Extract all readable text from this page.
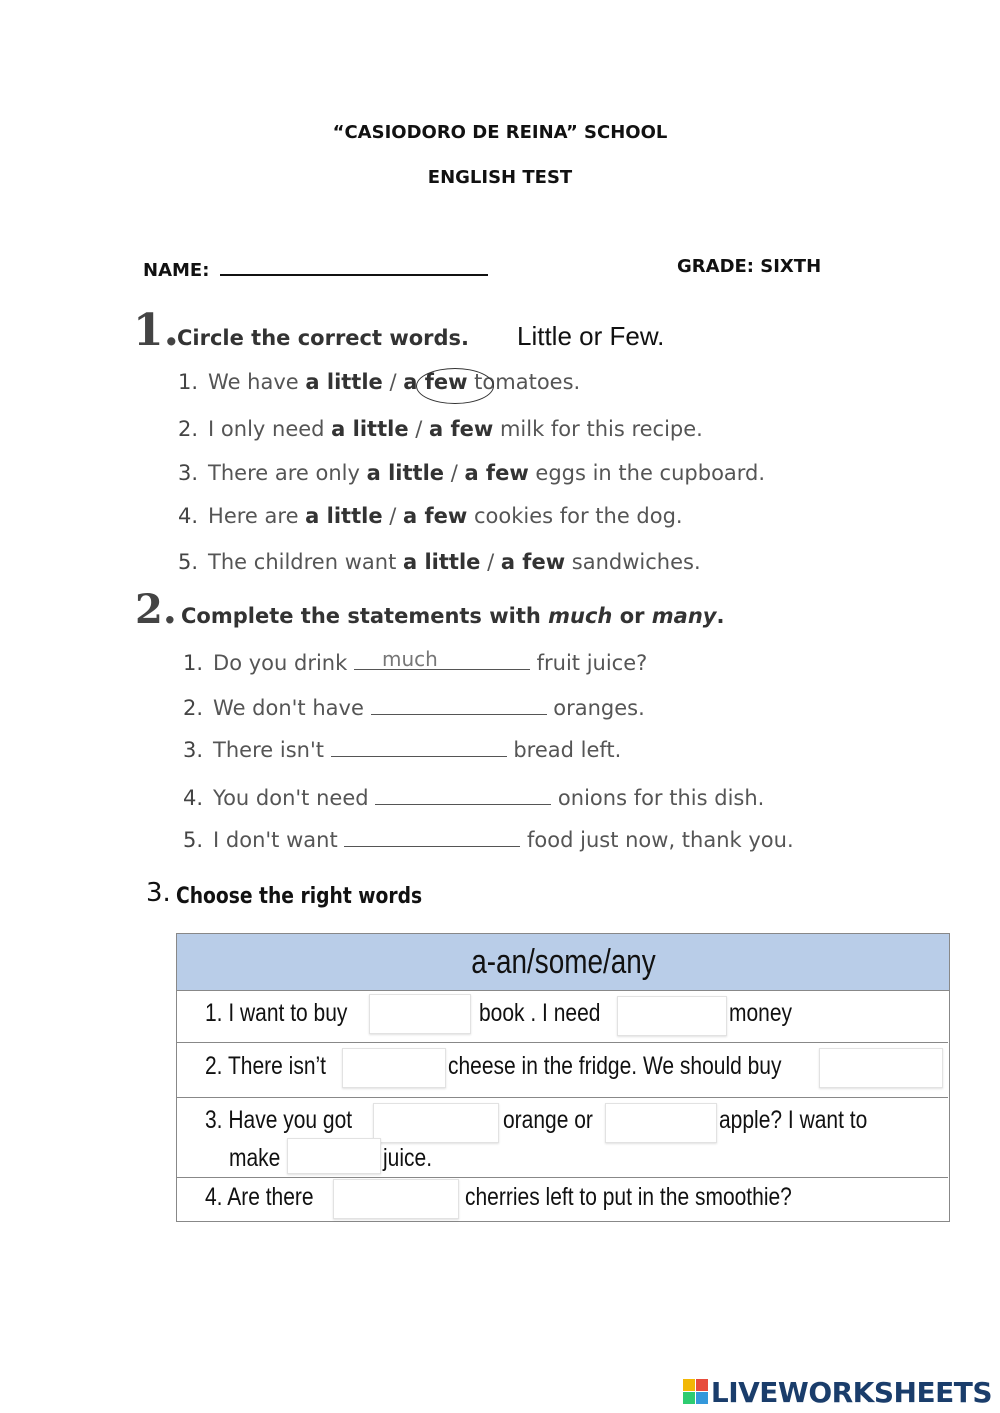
“CASIODORO DE REINA” SCHOOL
ENGLISH TEST
NAME:	GRADE: SIXTH
1.
Circle the correct words. Little or Few.
1. We have a little / a few tomatoes.
2. I only need a little / a few milk for this recipe.
3. There are only a little / a few eggs in the cupboard.
4. Here are a little / a few cookies for the dog.
5. The children want a little / a few sandwiches.
2. Complete the statements with much or many.
1. Do you drink	fruit juice?
2. We don't have	oranges.
3. There isn't	bread left.
4. You don't need	onions for this dish.
5. I don't want	food just now, thank you.
much
3. Choose the right words
a-an/some/any
1. I want to buy	book . I need	money
2. There isn’t	cheese in the fridge. We should buy
3. Have you got	orange or	apple? I want to
make	juice.
4. Are there	cherries left to put in the smoothie?
LIVEWORKSHEETS
